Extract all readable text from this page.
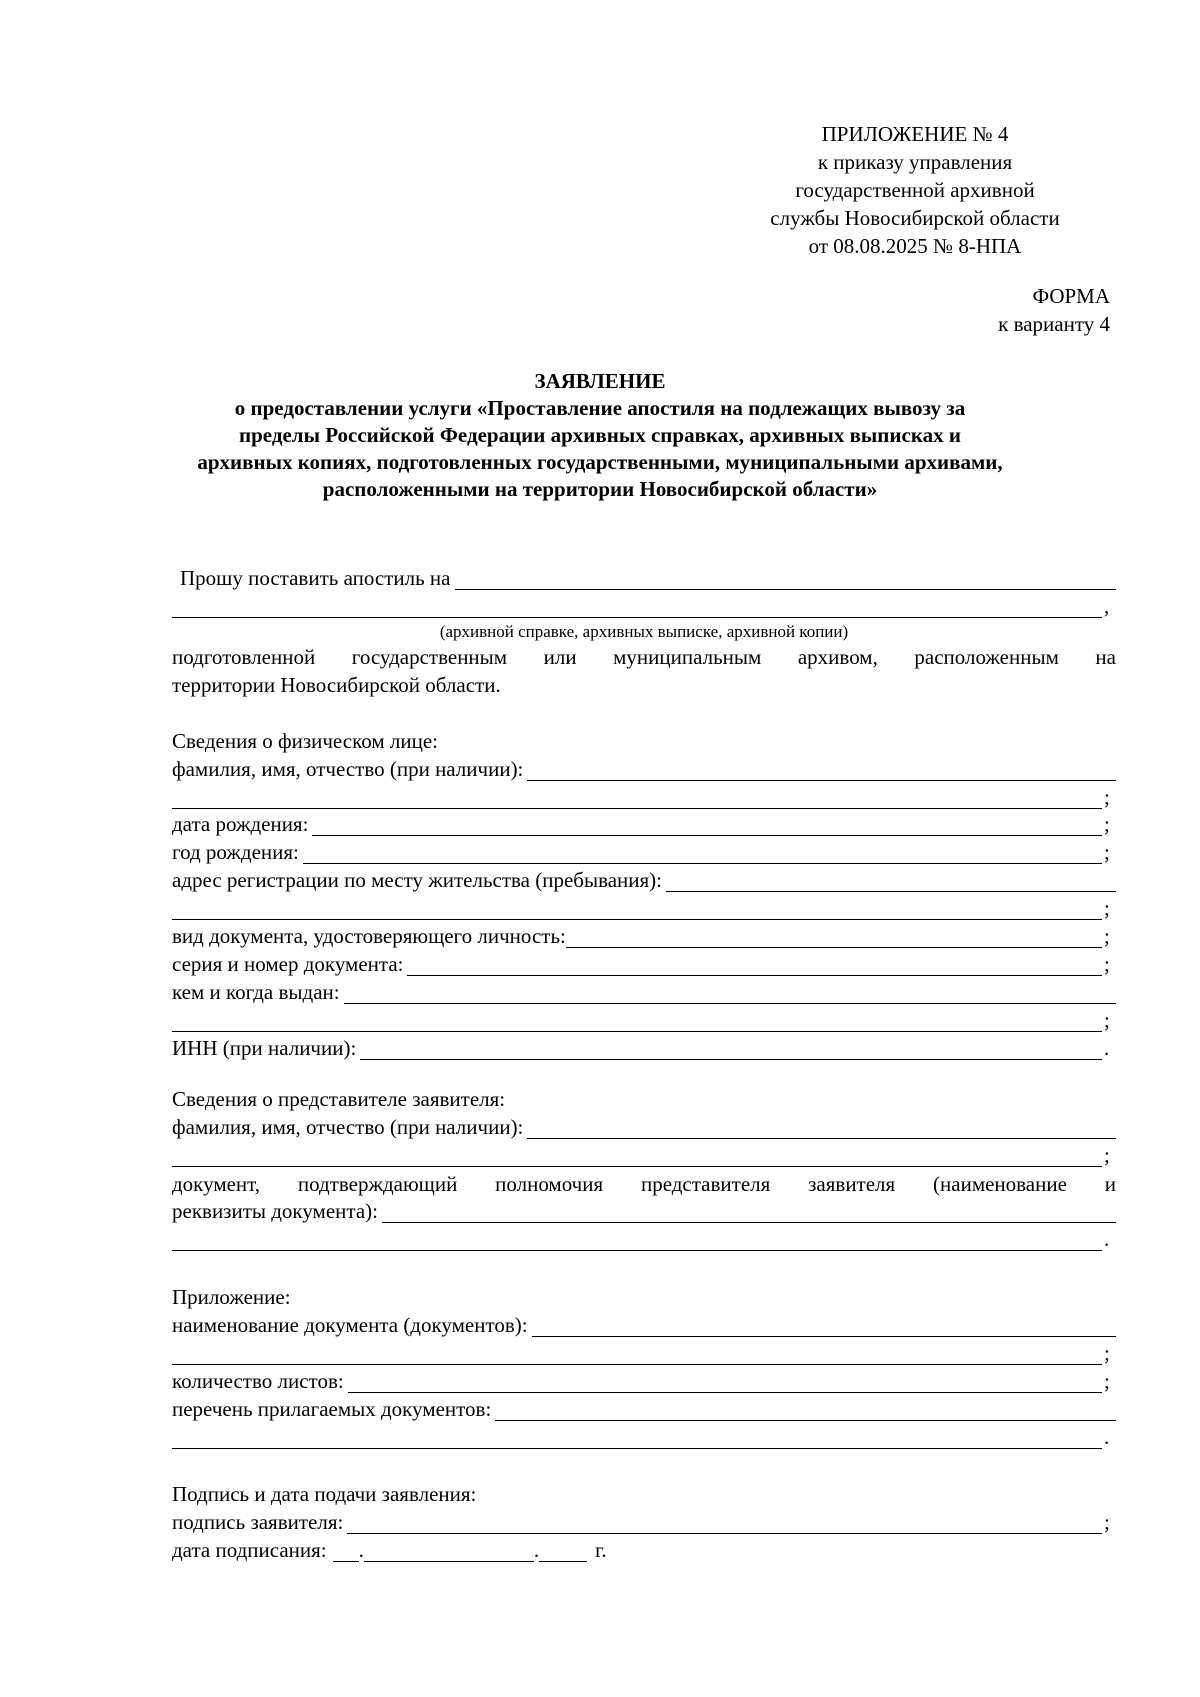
ПРИЛОЖЕНИЕ № 4
к приказу управления
государственной архивной
службы Новосибирской области
от 08.08.2025 № 8-НПА
ФОРМА
к варианту 4
ЗАЯВЛЕНИЕ
о предоставлении услуги «Проставление апостиля на подлежащих вывозу за
пределы Российской Федерации архивных справках, архивных выписках и
архивных копиях, подготовленных государственными, муниципальными архивами,
расположенными на территории Новосибирской области»
Прошу поставить апостиль на
,
(архивной справке, архивных выписке, архивной копии)
подготовленной государственным или муниципальным архивом, расположенным на
территории Новосибирской области.
Сведения о физическом лице:
фамилия, имя, отчество (при наличии):
;
дата рождения:	;
год рождения:	;
адрес регистрации по месту жительства (пребывания):
;
вид документа, удостоверяющего личность:	;
серия и номер документа:	;
кем и когда выдан:
;
ИНН (при наличии):	.
Сведения о представителе заявителя:
фамилия, имя, отчество (при наличии):
;
документ, подтверждающий полномочия представителя заявителя (наименование и
реквизиты документа):
.
Приложение:
наименование документа (документов):
;
количество листов:	;
перечень прилагаемых документов:
.
Подпись и дата подачи заявления:
подпись заявителя:	;
дата подписания: .	.	г.
